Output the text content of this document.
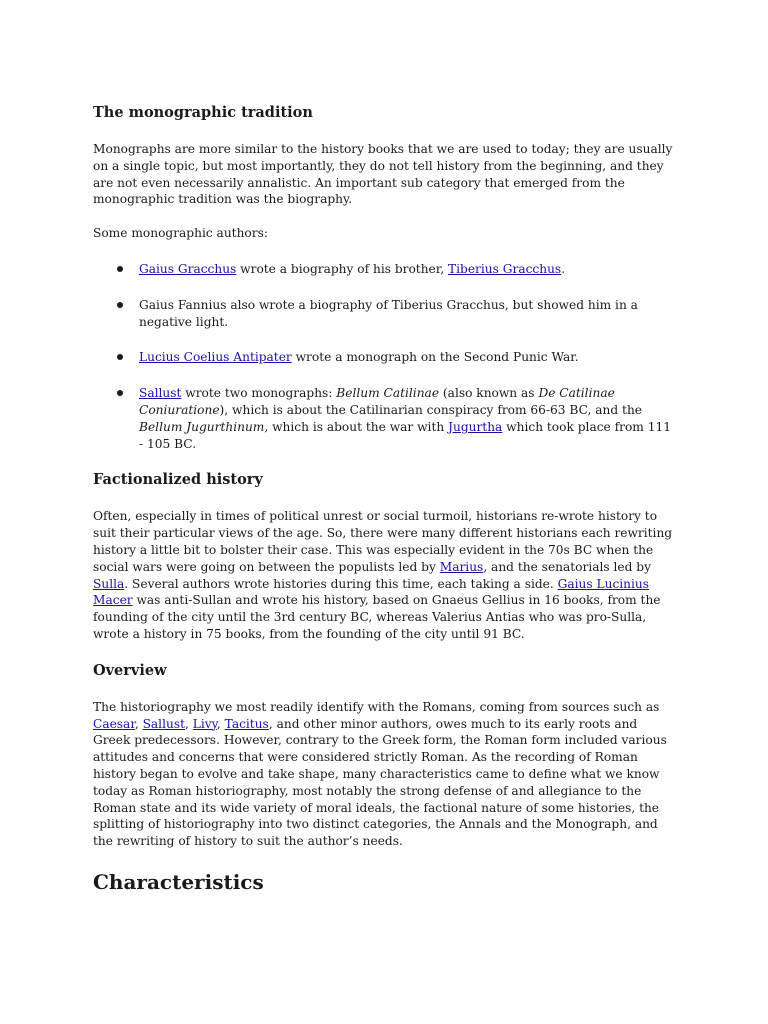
The monographic tradition

Monographs are more similar to the history books that we are used to today; they are usually on a single topic, but most importantly, they do not tell history from the beginning, and they are not even necessarily annalistic. An important sub category that emerged from the monographic tradition was the biography.

Some monographic authors:

Gaius Gracchus wrote a biography of his brother, Tiberius Gracchus.
Gaius Fannius also wrote a biography of Tiberius Gracchus, but showed him in a negative light.
Lucius Coelius Antipater wrote a monograph on the Second Punic War.
Sallust wrote two monographs: Bellum Catilinae (also known as De Catilinae Coniuratione), which is about the Catilinarian conspiracy from 66-63 BC, and the Bellum Jugurthinum, which is about the war with Jugurtha which took place from 111 - 105 BC.
Factionalized history

Often, especially in times of political unrest or social turmoil, historians re-wrote history to suit their particular views of the age. So, there were many different historians each rewriting history a little bit to bolster their case. This was especially evident in the 70s BC when the social wars were going on between the populists led by Marius, and the senatorials led by Sulla. Several authors wrote histories during this time, each taking a side. Gaius Lucinius Macer was anti-Sullan and wrote his history, based on Gnaeus Gellius in 16 books, from the founding of the city until the 3rd century BC, whereas Valerius Antias who was pro-Sulla, wrote a history in 75 books, from the founding of the city until 91 BC.

Overview

The historiography we most readily identify with the Romans, coming from sources such as Caesar, Sallust, Livy, Tacitus, and other minor authors, owes much to its early roots and Greek predecessors. However, contrary to the Greek form, the Roman form included various attitudes and concerns that were considered strictly Roman. As the recording of Roman history began to evolve and take shape, many characteristics came to define what we know today as Roman historiography, most notably the strong defense of and allegiance to the Roman state and its wide variety of moral ideals, the factional nature of some histories, the splitting of historiography into two distinct categories, the Annals and the Monograph, and the rewriting of history to suit the author’s needs.

Characteristics
